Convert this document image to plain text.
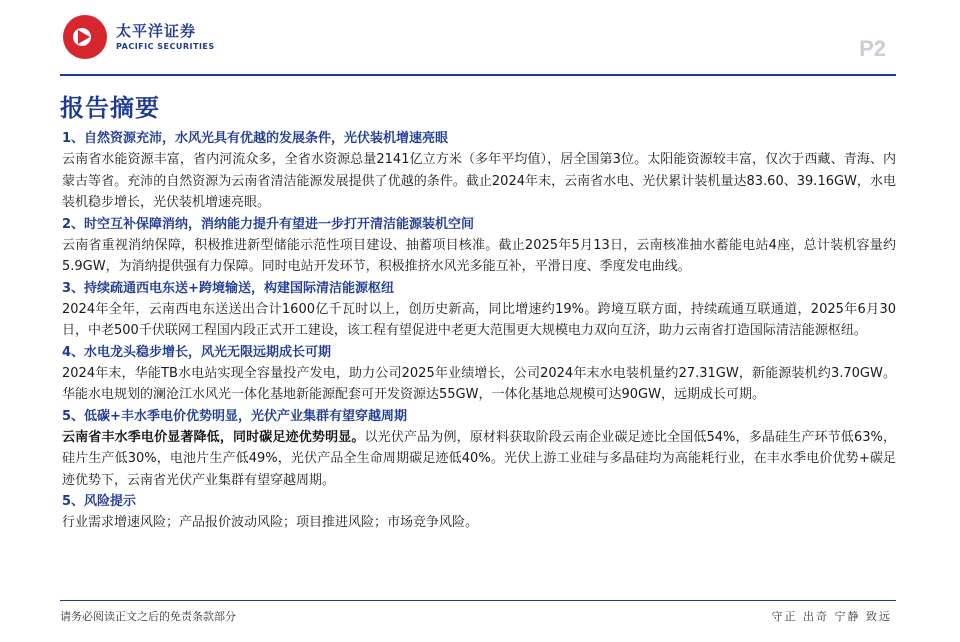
太平洋证券
PACIFIC SECURITIES	P2
报告摘要
1、自然资源充沛，水风光具有优越的发展条件，光伏装机增速亮眼
云南省水能资源丰富，省内河流众多，全省水资源总量2141亿立方米（多年平均值），居全国第3位。太阳能资源较丰富，仅次于西藏、青海、内蒙古等省。充沛的自然资源为云南省清洁能源发展提供了优越的条件。截止2024年末，云南省水电、光伏累计装机量达83.60、39.16GW，水电装机稳步增长，光伏装机增速亮眼。
2、时空互补保障消纳，消纳能力提升有望进一步打开清洁能源装机空间
云南省重视消纳保障，积极推进新型储能示范性项目建设、抽蓄项目核准。截止2025年5月13日，云南核准抽水蓄能电站4座，总计装机容量约5.9GW，为消纳提供强有力保障。同时电站开发环节，积极推挤水风光多能互补，平滑日度、季度发电曲线。
3、持续疏通西电东送+跨境输送，构建国际清洁能源枢纽
2024年全年，云南西电东送送出合计1600亿千瓦时以上，创历史新高，同比增速约19%。跨境互联方面，持续疏通互联通道，2025年6月30日，中老500千伏联网工程国内段正式开工建设，该工程有望促进中老更大范围更大规模电力双向互济，助力云南省打造国际清洁能源枢纽。
4、水电龙头稳步增长，风光无限远期成长可期
2024年末，华能TB水电站实现全容量投产发电，助力公司2025年业绩增长，公司2024年末水电装机量约27.31GW，新能源装机约3.70GW。华能水电规划的澜沧江水风光一体化基地新能源配套可开发资源达55GW，一体化基地总规模可达90GW，远期成长可期。
5、低碳+丰水季电价优势明显，光伏产业集群有望穿越周期
云南省丰水季电价显著降低，同时碳足迹优势明显。以光伏产品为例，原材料获取阶段云南企业碳足迹比全国低54%，多晶硅生产环节低63%，硅片生产低30%，电池片生产低49%，光伏产品全生命周期碳足迹低40%。光伏上游工业硅与多晶硅均为高能耗行业，在丰水季电价优势+碳足迹优势下，云南省光伏产业集群有望穿越周期。
5、风险提示
行业需求增速风险；产品报价波动风险；项目推进风险；市场竞争风险。
请务必阅读正文之后的免责条款部分	守正 出奇 宁静 致远
